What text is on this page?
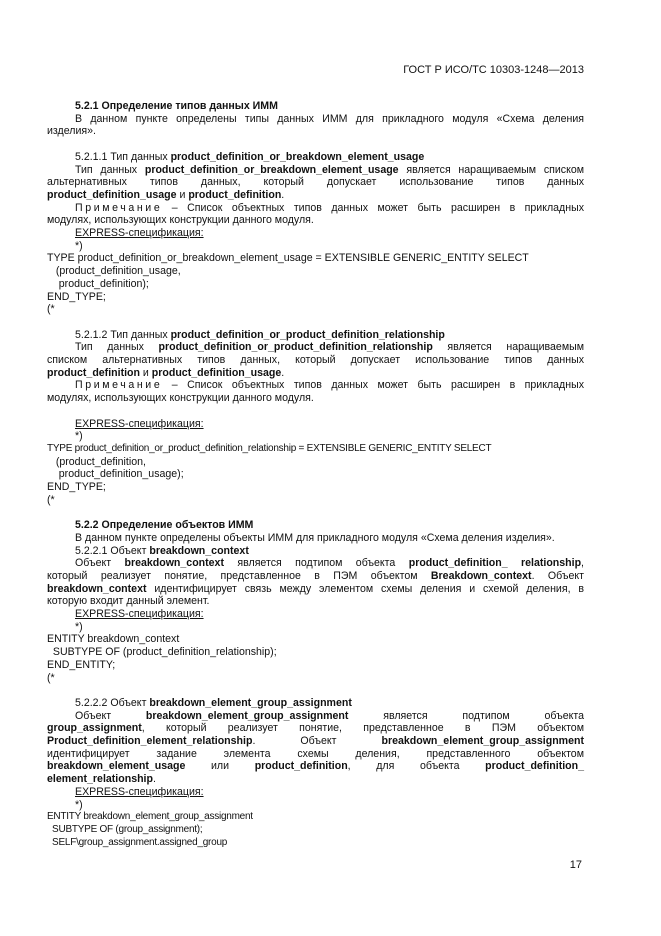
ГОСТ Р ИСО/ТС 10303-1248—2013

5.2.1 Определение типов данных ИММ

В данном пункте определены типы данных ИММ для прикладного модуля «Схема деления

изделия».

5.2.1.1 Тип данных product_definition_or_breakdown_element_usage

Тип данных product_definition_or_breakdown_element_usage является наращиваемым списком

альтернативных типов данных, который допускает использование типов данных

product_definition_usage и product_definition.

Примечание – Список объектных типов данных может быть расширен в прикладных

модулях, использующих конструкции данного модуля.

EXPRESS-спецификация:

*)

TYPE product_definition_or_breakdown_element_usage = EXTENSIBLE GENERIC_ENTITY SELECT

(product_definition_usage,

product_definition);

END_TYPE;

(*

5.2.1.2 Тип данных product_definition_or_product_definition_relationship

Тип данных product_definition_or_product_definition_relationship является наращиваемым

списком альтернативных типов данных, который допускает использование типов данных

product_definition и product_definition_usage.

Примечание – Список объектных типов данных может быть расширен в прикладных

модулях, использующих конструкции данного модуля.

EXPRESS-спецификация:

*)

TYPE product_definition_or_product_definition_relationship = EXTENSIBLE GENERIC_ENTITY SELECT

(product_definition,

product_definition_usage);

END_TYPE;

(*

5.2.2 Определение объектов ИММ

В данном пункте определены объекты ИММ для прикладного модуля «Схема деления изделия».

5.2.2.1 Объект breakdown_context

Объект breakdown_context является подтипом объекта product_definition_ relationship,

который реализует понятие, представленное в ПЭМ объектом Breakdown_context. Объект

breakdown_context идентифицирует связь между элементом схемы деления и схемой деления, в

которую входит данный элемент.

EXPRESS-спецификация:

*)

ENTITY breakdown_context

SUBTYPE OF (product_definition_relationship);

END_ENTITY;

(*

5.2.2.2 Объект breakdown_element_group_assignment

Объект breakdown_element_group_assignment является подтипом объекта

group_assignment, который реализует понятие, представленное в ПЭМ объектом

Product_definition_element_relationship. Объект breakdown_element_group_assignment

идентифицирует задание элемента схемы деления, представленного объектом

breakdown_element_usage или product_definition, для объекта product_definition_

element_relationship.

EXPRESS-спецификация:

*)

ENTITY breakdown_element_group_assignment

SUBTYPE OF (group_assignment);

SELF\group_assignment.assigned_group

17
